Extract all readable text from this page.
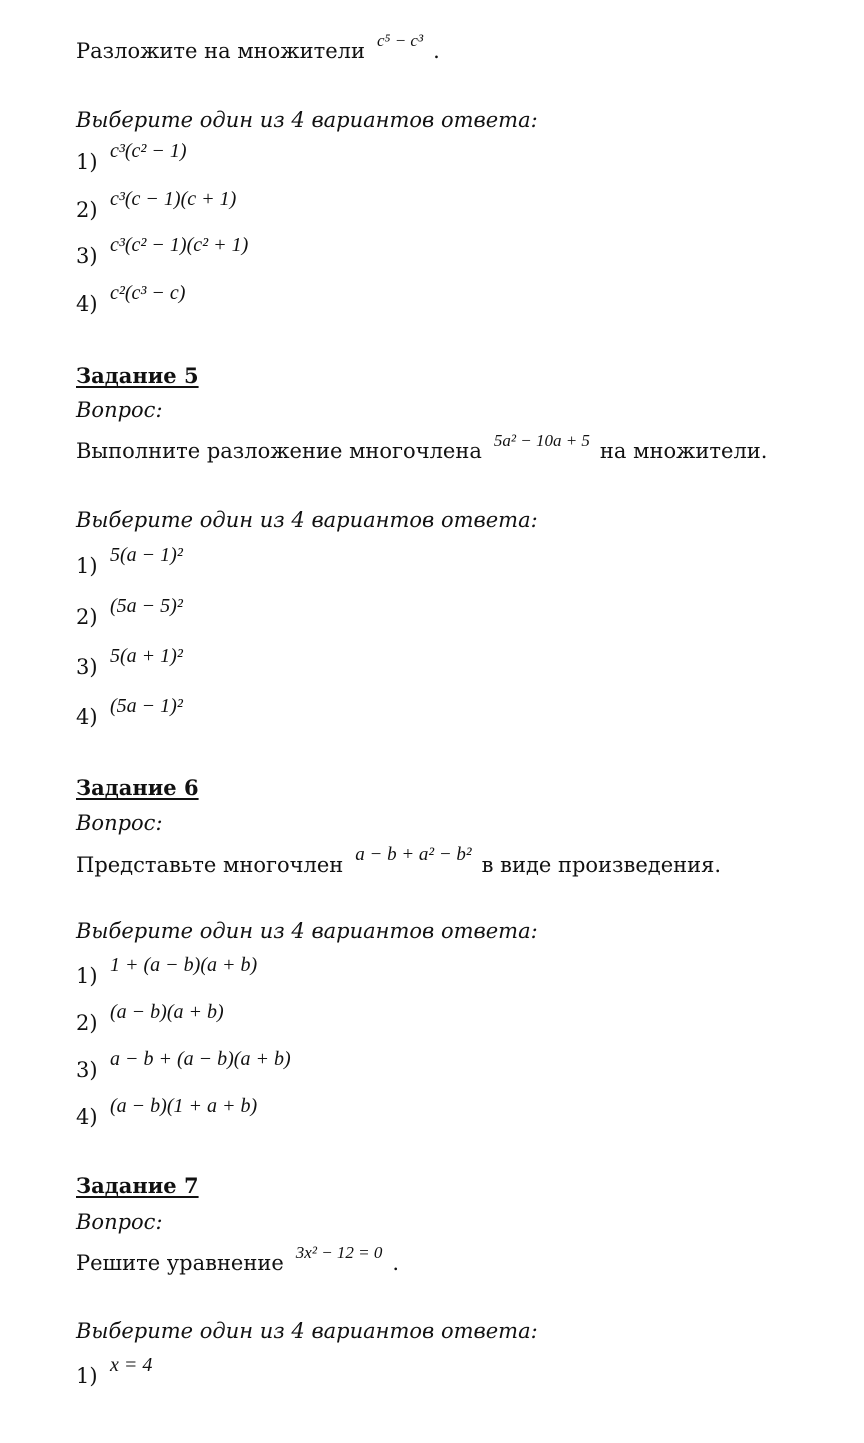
Разложите на множители c⁵ − c³ .
Выберите один из 4 вариантов ответа:
1) c³(c² − 1)
2) c³(c − 1)(c + 1)
3) c³(c² − 1)(c² + 1)
4) c²(c³ − c)
Задание 5
Вопрос:
Выполните разложение многочлена 5a² − 10a + 5 на множители.
Выберите один из 4 вариантов ответа:
1) 5(a − 1)²
2) (5a − 5)²
3) 5(a + 1)²
4) (5a − 1)²
Задание 6
Вопрос:
Представьте многочлен a − b + a² − b² в виде произведения.
Выберите один из 4 вариантов ответа:
1) 1 + (a − b)(a + b)
2) (a − b)(a + b)
3) a − b + (a − b)(a + b)
4) (a − b)(1 + a + b)
Задание 7
Вопрос:
Решите уравнение 3x² − 12 = 0 .
Выберите один из 4 вариантов ответа:
1) x = 4
